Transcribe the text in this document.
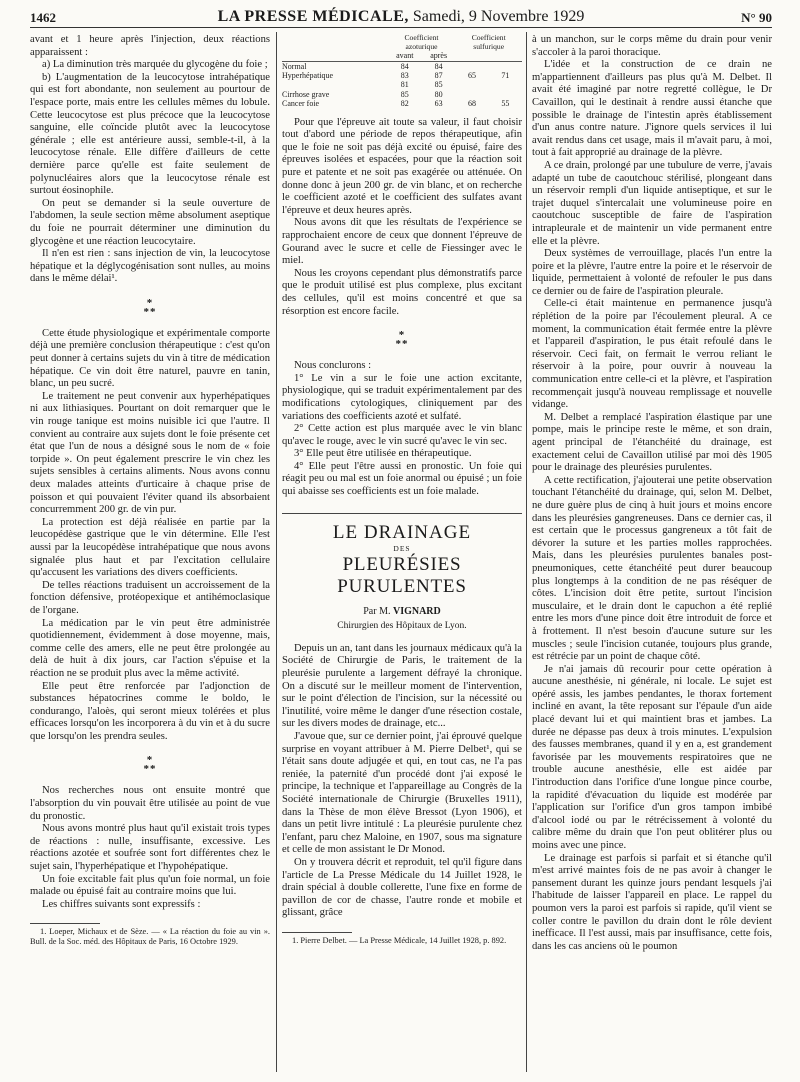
1462	LA PRESSE MÉDICALE, Samedi, 9 Novembre 1929	N° 90

avant et 1 heure après l'injection, deux réactions apparaissent :

a) La diminution très marquée du glycogène du foie ;

b) L'augmentation de la leucocytose intrahépatique qui est fort abondante, non seulement au pourtour de l'espace porte, mais entre les cellules mêmes du lobule. Cette leucocytose est plus précoce que la leucocytose sanguine, elle coïncide plutôt avec la leucocytose générale ; elle est antérieure aussi, semble-t-il, à la leucocytose rénale. Elle diffère d'ailleurs de cette dernière parce qu'elle est faite seulement de polynucléaires alors que la leucocytose rénale est surtout éosinophile.

On peut se demander si la seule ouverture de l'abdomen, la seule section même absolument aseptique du foie ne pourrait déterminer une diminution du glycogène et une réaction leucocytaire.

Il n'en est rien : sans injection de vin, la leucocytose hépatique et la déglycogénisation sont nulles, au moins dans le même délai¹.

*
**

Cette étude physiologique et expérimentale comporte déjà une première conclusion thérapeutique : c'est qu'on peut donner à certains sujets du vin à titre de médication hépatique. Ce vin doit être naturel, pauvre en tanin, blanc, un peu sucré.

Le traitement ne peut convenir aux hyperhépatiques ni aux lithiasiques. Pourtant on doit remarquer que le vin rouge tanique est moins nuisible ici que l'autre. Il convient au contraire aux sujets dont le foie présente cet état que l'un de nous a désigné sous le nom de « foie torpide ». On peut également prescrire le vin chez les sujets sensibles à certains aliments. Nous avons connu deux malades atteints d'urticaire à chaque prise de poisson et qui pouvaient l'éviter quand ils absorbaient concurremment 200 gr. de vin pur.

La protection est déjà réalisée en partie par la leucopédèse gastrique que le vin détermine. Elle l'est aussi par la leucopédèse intrahépatique que nous avons signalée plus haut et par l'excitation cellulaire qu'accusent les variations des divers coefficients.

De telles réactions traduisent un accroissement de la fonction défensive, protéopexique et antihémoclasique de l'organe.

La médication par le vin peut être administrée quotidiennement, évidemment à dose moyenne, mais, comme celle des amers, elle ne peut être prolongée au delà de huit à dix jours, car l'action s'épuise et la réaction ne se produit plus avec la même activité.

Elle peut être renforcée par l'adjonction de substances hépatocrines comme le boldo, le condurango, l'aloès, qui seront mieux tolérées et plus efficaces lorsqu'on les incorporera à du vin et à du sucre que lorsqu'on les prendra seules.

*
**

Nos recherches nous ont ensuite montré que l'absorption du vin pouvait être utilisée au point de vue du pronostic.

Nous avons montré plus haut qu'il existait trois types de réactions : nulle, insuffisante, excessive. Les réactions azotée et soufrée sont fort différentes chez le sujet sain, l'hyperhépatique et l'hypohépatique.

Un foie excitable fait plus qu'un foie normal, un foie malade ou épuisé fait au contraire moins que lui.

Les chiffres suivants sont expressifs :

1. Loeper, Michaux et de Sèze. — « La réaction du foie au vin ». Bull. de la Soc. méd. des Hôpitaux de Paris, 16 Octobre 1929.

	Coefficient azoturique		Coefficient sulfurique	
	avant	après		
Normal	84	84		
Hyperhépatique	83	87	65	71
	81	85		
Cirrhose grave	85	80		
Cancer foie	82	63	68	55

Pour que l'épreuve ait toute sa valeur, il faut choisir tout d'abord une période de repos thérapeutique, afin que le foie ne soit pas déjà excité ou épuisé, faire des épreuves isolées et espacées, pour que la réaction soit pure et patente et ne soit pas exagérée ou atténuée. On donne donc à jeun 200 gr. de vin blanc, et on recherche le coefficient azoté et le coefficient des sulfates avant l'épreuve et deux heures après.

Nous avons dit que les résultats de l'expérience se rapprochaient encore de ceux que donnent l'épreuve de Gourand avec le sucre et celle de Fiessinger avec le miel.

Nous les croyons cependant plus démonstratifs parce que le produit utilisé est plus complexe, plus excitant des cellules, qu'il est moins concentré et que sa résorption est encore facile.

*
**

Nous conclurons :

1° Le vin a sur le foie une action excitante, physiologique, qui se traduit expérimentalement par des modifications cytologiques, cliniquement par des variations des coefficients azoté et sulfaté.

2° Cette action est plus marquée avec le vin blanc qu'avec le rouge, avec le vin sucré qu'avec le vin sec.

3° Elle peut être utilisée en thérapeutique.

4° Elle peut l'être aussi en pronostic. Un foie qui réagit peu ou mal est un foie anormal ou épuisé ; un foie qui abaisse ses coefficients est un foie malade.

LE DRAINAGE
DES
PLEURÉSIES PURULENTES
Par M. VIGNARD
Chirurgien des Hôpitaux de Lyon.

Depuis un an, tant dans les journaux médicaux qu'à la Société de Chirurgie de Paris, le traitement de la pleurésie purulente a largement défrayé la chronique. On a discuté sur le meilleur moment de l'intervention, sur le point d'élection de l'incision, sur la nécessité ou l'inutilité, voire même le danger d'une résection costale, sur les divers modes de drainage, etc...

J'avoue que, sur ce dernier point, j'ai éprouvé quelque surprise en voyant attribuer à M. Pierre Delbet¹, qui se l'était sans doute adjugée et qui, en tout cas, ne l'a pas reniée, la paternité d'un procédé dont j'ai exposé le principe, la technique et l'appareillage au Congrès de la Société internationale de Chirurgie (Bruxelles 1911), dans la Thèse de mon élève Bressot (Lyon 1906), et dans un petit livre intitulé : La pleurésie purulente chez l'enfant, paru chez Maloine, en 1907, sous ma signature et celle de mon assistant le Dr Monod.

On y trouvera décrit et reproduit, tel qu'il figure dans l'article de La Presse Médicale du 14 Juillet 1928, le drain spécial à double collerette, l'une fixe en forme de pavillon de cor de chasse, l'autre ronde et mobile et glissant, grâce

1. Pierre Delbet. — La Presse Médicale, 14 Juillet 1928, p. 892.

à un manchon, sur le corps même du drain pour venir s'accoler à la paroi thoracique.

L'idée et la construction de ce drain ne m'appartiennent d'ailleurs pas plus qu'à M. Delbet. Il avait été imaginé par notre regretté collègue, le Dr Cavaillon, qui le destinait à rendre aussi étanche que possible le drainage de l'intestin après établissement d'un anus contre nature. J'ignore quels services il lui avait rendus dans cet usage, mais il m'avait paru, à moi, tout à fait approprié au drainage de la plèvre.

A ce drain, prolongé par une tubulure de verre, j'avais adapté un tube de caoutchouc stérilisé, plongeant dans un réservoir rempli d'un liquide antiseptique, et sur le trajet duquel s'intercalait une volumineuse poire en caoutchouc susceptible de faire de l'aspiration intrapleurale et de maintenir un vide permanent entre elle et la plèvre.

Deux systèmes de verrouillage, placés l'un entre la poire et la plèvre, l'autre entre la poire et le réservoir de liquide, permettaient à volonté de refouler le pus dans ce dernier ou de faire de l'aspiration pleurale.

Celle-ci était maintenue en permanence jusqu'à réplétion de la poire par l'écoulement pleural. A ce moment, la communication était fermée entre la plèvre et l'appareil d'aspiration, le pus était refoulé dans le réservoir. Ceci fait, on fermait le verrou reliant le réservoir à la poire, pour ouvrir à nouveau la communication entre celle-ci et la plèvre, et l'aspiration recommençait jusqu'à nouveau remplissage et nouvelle vidange.

M. Delbet a remplacé l'aspiration élastique par une pompe, mais le principe reste le même, et son drain, agent principal de l'étanchéité du drainage, est exactement celui de Cavaillon utilisé par moi dès 1905 pour le drainage des pleurésies purulentes.

A cette rectification, j'ajouterai une petite observation touchant l'étanchéité du drainage, qui, selon M. Delbet, ne dure guère plus de cinq à huit jours et moins encore dans les pleurésies gangreneuses. Dans ce dernier cas, il est certain que le processus gangreneux a tôt fait de dévorer la suture et les parties molles rapprochées. Mais, dans les pleurésies purulentes banales post-pneumoniques, cette étanchéité peut durer beaucoup plus longtemps à la condition de ne pas réséquer de côtes. L'incision doit être petite, surtout l'incision musculaire, et le drain dont le capuchon a été replié entre les mors d'une pince doit être introduit de force et à frottement. Il n'est besoin d'aucune suture sur les muscles ; seule l'incision cutanée, toujours plus grande, est rétrécie par un point de chaque côté.

Je n'ai jamais dû recourir pour cette opération à aucune anesthésie, ni générale, ni locale. Le sujet est opéré assis, les jambes pendantes, le thorax fortement incliné en avant, la tête reposant sur l'épaule d'un aide placé devant lui et qui maintient bras et jambes. La durée ne dépasse pas deux à trois minutes. L'expulsion des fausses membranes, quand il y en a, est grandement favorisée par les mouvements respiratoires que ne trouble aucune anesthésie, elle est aidée par l'introduction dans l'orifice d'une longue pince courbe, la rapidité d'évacuation du liquide est modérée par l'application sur l'orifice d'un gros tampon imbibé d'alcool iodé ou par le rétrécissement à volonté du calibre même du drain que l'on peut oblitérer plus ou moins avec une pince.

Le drainage est parfois si parfait et si étanche qu'il m'est arrivé maintes fois de ne pas avoir à changer le pansement durant les quinze jours pendant lesquels j'ai l'habitude de laisser l'appareil en place. Le rappel du poumon vers la paroi est parfois si rapide, qu'il vient se coller contre le pavillon du drain dont le rôle devient inefficace. Il l'est aussi, mais par insuffisance, cette fois, dans les cas anciens où le poumon
